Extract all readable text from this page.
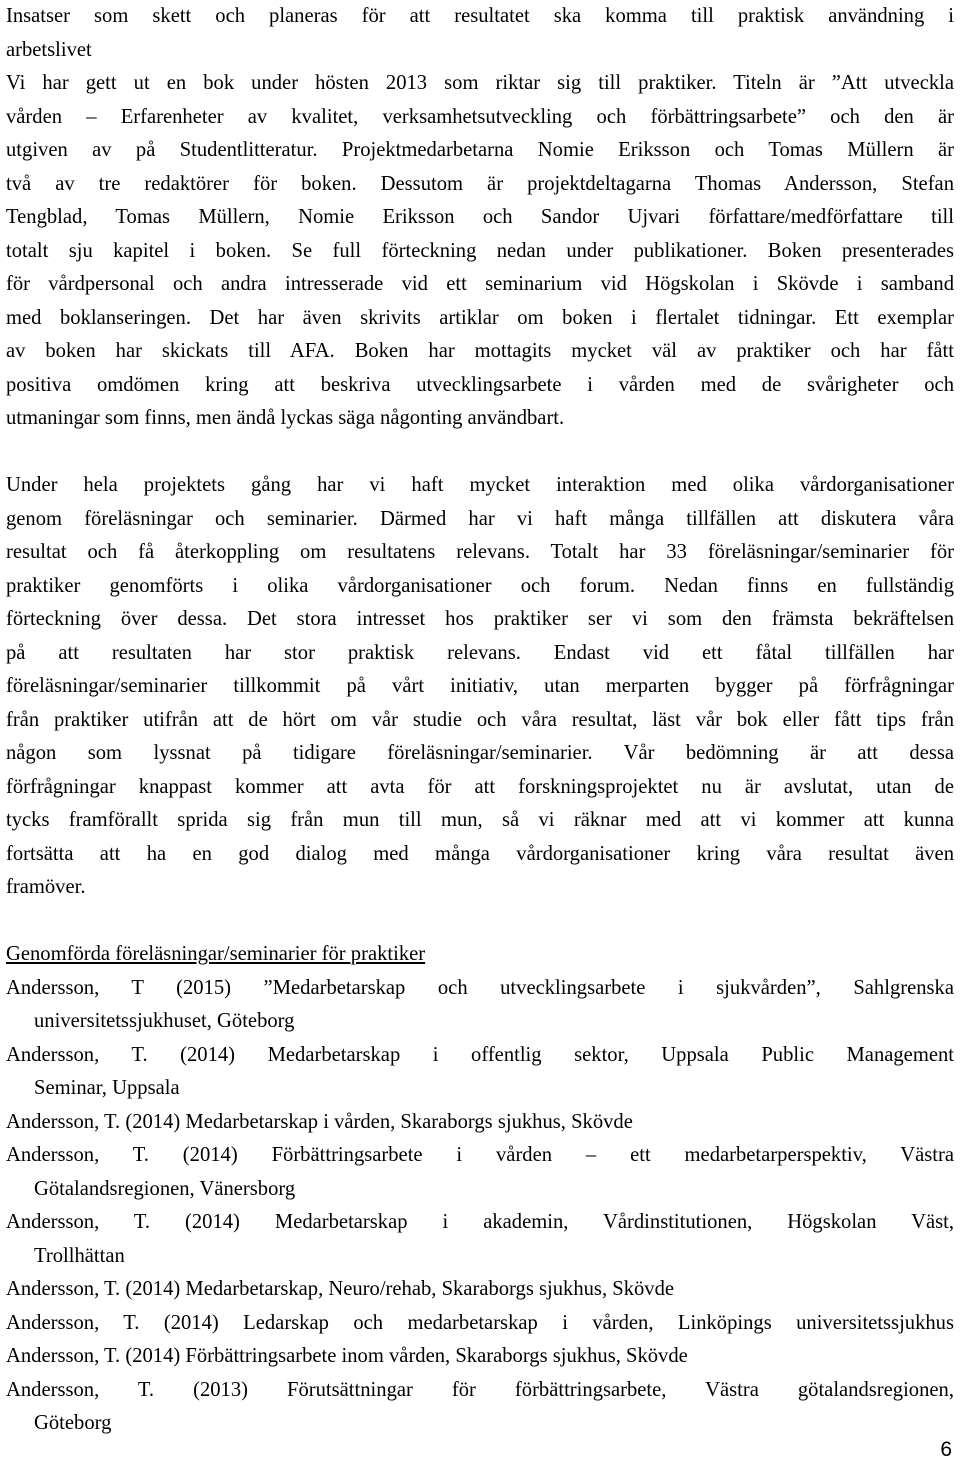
Insatser som skett och planeras för att resultatet ska komma till praktisk användning i
arbetslivet
Vi har gett ut en bok under hösten 2013 som riktar sig till praktiker. Titeln är ”Att utveckla
vården – Erfarenheter av kvalitet, verksamhetsutveckling och förbättringsarbete” och den är
utgiven av på Studentlitteratur. Projektmedarbetarna Nomie Eriksson och Tomas Müllern är
två av tre redaktörer för boken. Dessutom är projektdeltagarna Thomas Andersson, Stefan
Tengblad, Tomas Müllern, Nomie Eriksson och Sandor Ujvari författare/medförfattare till
totalt sju kapitel i boken. Se full förteckning nedan under publikationer. Boken presenterades
för vårdpersonal och andra intresserade vid ett seminarium vid Högskolan i Skövde i samband
med boklanseringen. Det har även skrivits artiklar om boken i flertalet tidningar. Ett exemplar
av boken har skickats till AFA. Boken har mottagits mycket väl av praktiker och har fått
positiva omdömen kring att beskriva utvecklingsarbete i vården med de svårigheter och
utmaningar som finns, men ändå lyckas säga någonting användbart.
Under hela projektets gång har vi haft mycket interaktion med olika vårdorganisationer
genom föreläsningar och seminarier. Därmed har vi haft många tillfällen att diskutera våra
resultat och få återkoppling om resultatens relevans. Totalt har 33 föreläsningar/seminarier för
praktiker genomförts i olika vårdorganisationer och forum. Nedan finns en fullständig
förteckning över dessa. Det stora intresset hos praktiker ser vi som den främsta bekräftelsen
på att resultaten har stor praktisk relevans. Endast vid ett fåtal tillfällen har
föreläsningar/seminarier tillkommit på vårt initiativ, utan merparten bygger på förfrågningar
från praktiker utifrån att de hört om vår studie och våra resultat, läst vår bok eller fått tips från
någon som lyssnat på tidigare föreläsningar/seminarier. Vår bedömning är att dessa
förfrågningar knappast kommer att avta för att forskningsprojektet nu är avslutat, utan de
tycks framförallt sprida sig från mun till mun, så vi räknar med att vi kommer att kunna
fortsätta att ha en god dialog med många vårdorganisationer kring våra resultat även
framöver.
Genomförda föreläsningar/seminarier för praktiker
Andersson, T (2015) ”Medarbetarskap och utvecklingsarbete i sjukvården”, Sahlgrenska
universitetssjukhuset, Göteborg
Andersson, T. (2014) Medarbetarskap i offentlig sektor, Uppsala Public Management
Seminar, Uppsala
Andersson, T. (2014) Medarbetarskap i vården, Skaraborgs sjukhus, Skövde
Andersson, T. (2014) Förbättringsarbete i vården – ett medarbetarperspektiv, Västra
Götalandsregionen, Vänersborg
Andersson, T. (2014) Medarbetarskap i akademin, Vårdinstitutionen, Högskolan Väst,
Trollhättan
Andersson, T. (2014) Medarbetarskap, Neuro/rehab, Skaraborgs sjukhus, Skövde
Andersson, T. (2014) Ledarskap och medarbetarskap i vården, Linköpings universitetssjukhus
Andersson, T. (2014) Förbättringsarbete inom vården, Skaraborgs sjukhus, Skövde
Andersson, T. (2013) Förutsättningar för förbättringsarbete, Västra götalandsregionen,
Göteborg
6
